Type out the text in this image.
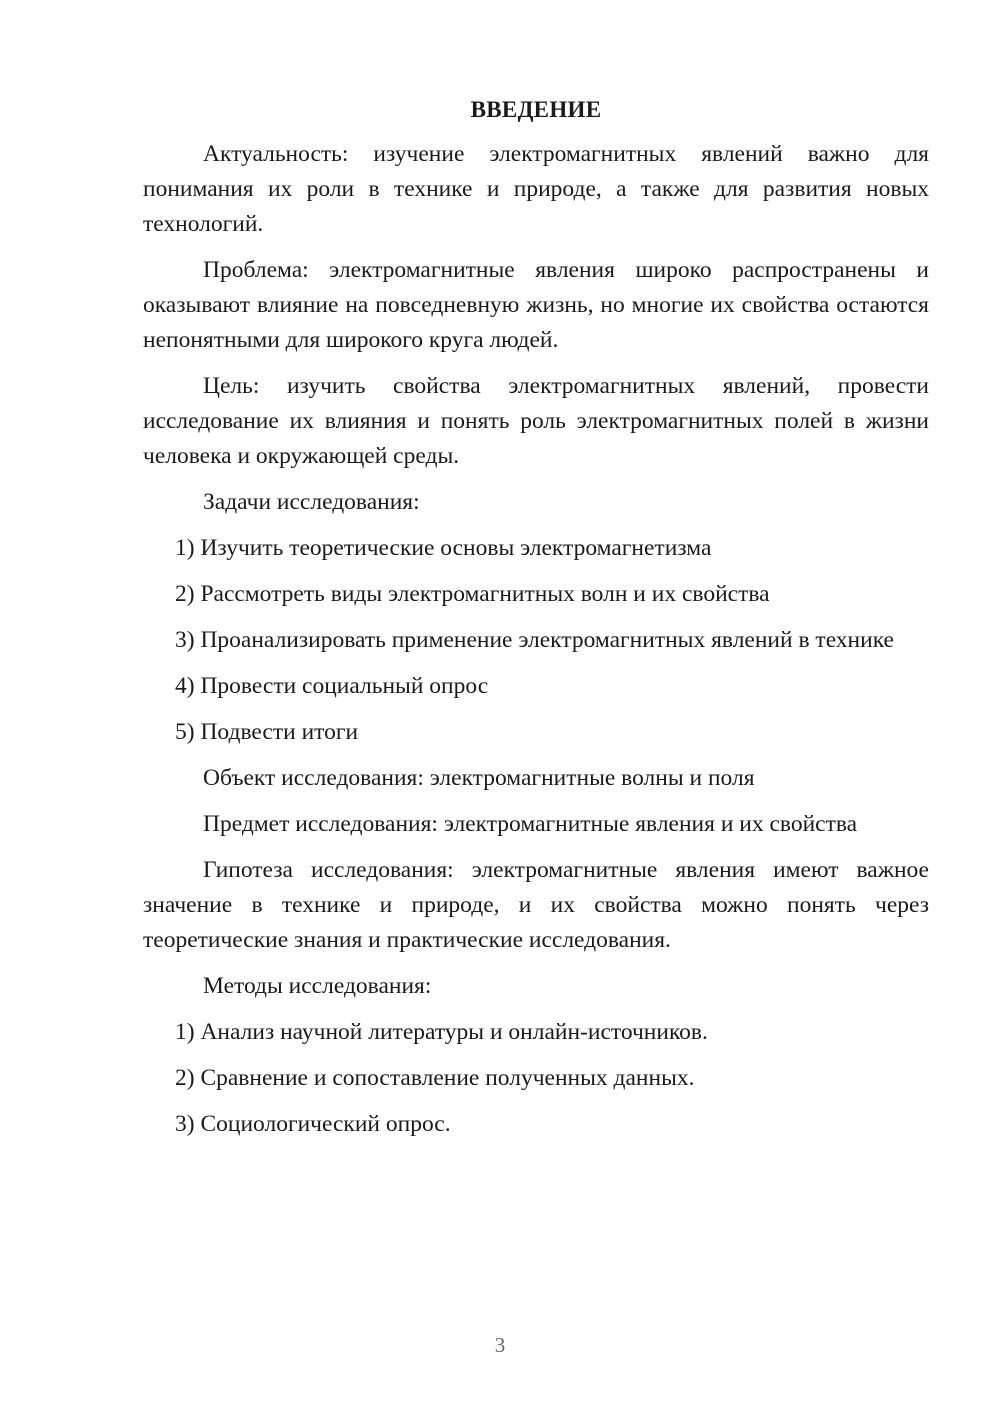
ВВЕДЕНИЕ
Актуальность: изучение электромагнитных явлений важно для понимания их роли в технике и природе, а также для развития новых технологий.
Проблема: электромагнитные явления широко распространены и оказывают влияние на повседневную жизнь, но многие их свойства остаются непонятными для широкого круга людей.
Цель: изучить свойства электромагнитных явлений, провести исследование их влияния и понять роль электромагнитных полей в жизни человека и окружающей среды.
Задачи исследования:
1) Изучить теоретические основы электромагнетизма
2) Рассмотреть виды электромагнитных волн и их свойства
3) Проанализировать применение электромагнитных явлений в технике
4) Провести социальный опрос
5) Подвести итоги
Объект исследования: электромагнитные волны и поля
Предмет исследования: электромагнитные явления и их свойства
Гипотеза исследования: электромагнитные явления имеют важное значение в технике и природе, и их свойства можно понять через теоретические знания и практические исследования.
Методы исследования:
1) Анализ научной литературы и онлайн-источников.
2) Сравнение и сопоставление полученных данных.
3) Социологический опрос.
3
